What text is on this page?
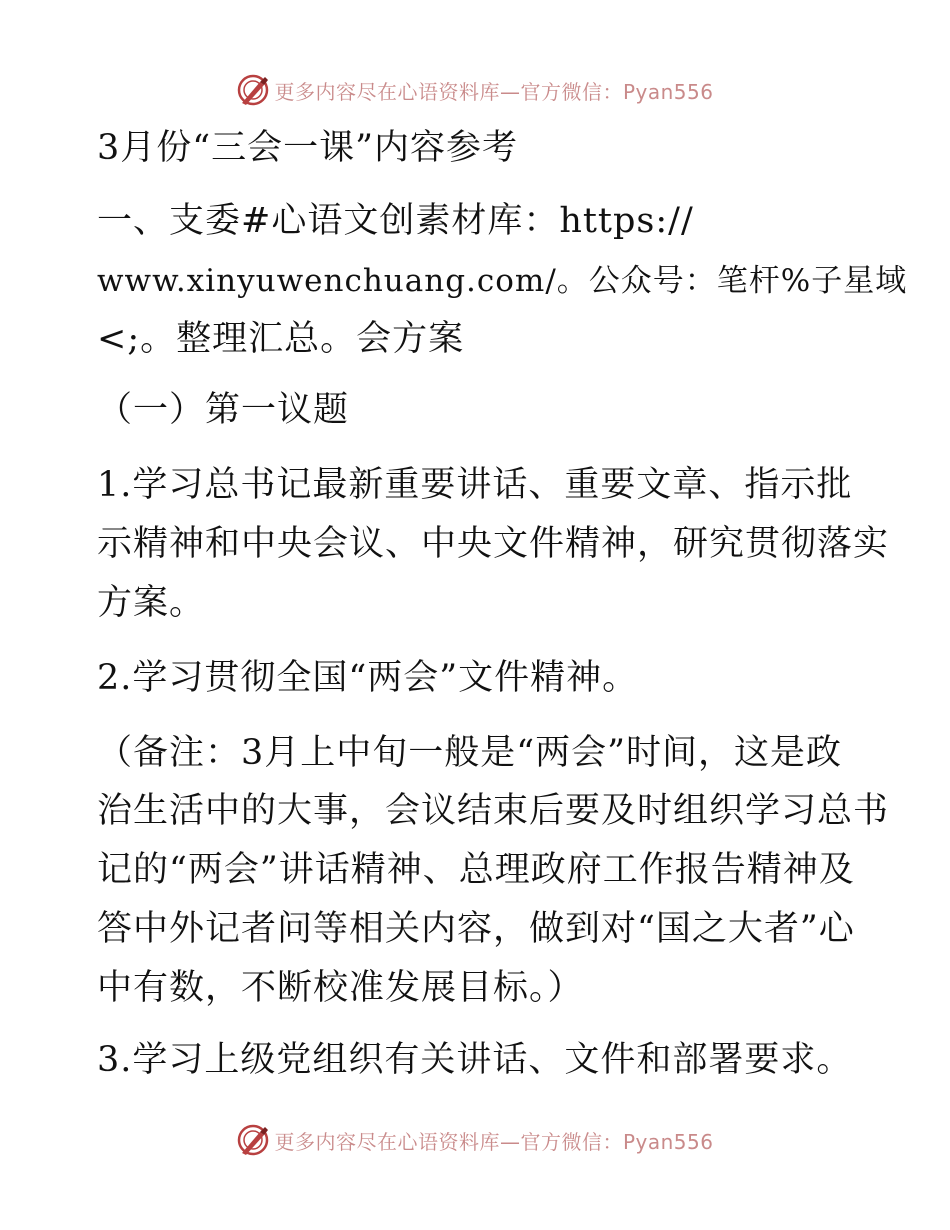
更多内容尽在心语资料库—官方微信：Pyan556
3月份“三会一课”内容参考
一、支委#心语文创素材库：https://
www.xinyuwenchuang.com/。公众号：笔杆%子星域
<;。整理汇总。会方案
（一）第一议题
1.学习总书记最新重要讲话、重要文章、指示批
示精神和中央会议、中央文件精神，研究贯彻落实
方案。
2.学习贯彻全国“两会”文件精神。
（备注：3月上中旬一般是“两会”时间，这是政
治生活中的大事，会议结束后要及时组织学习总书
记的“两会”讲话精神、总理政府工作报告精神及
答中外记者问等相关内容，做到对“国之大者”心
中有数，不断校准发展目标。）
3.学习上级党组织有关讲话、文件和部署要求。
更多内容尽在心语资料库—官方微信：Pyan556
